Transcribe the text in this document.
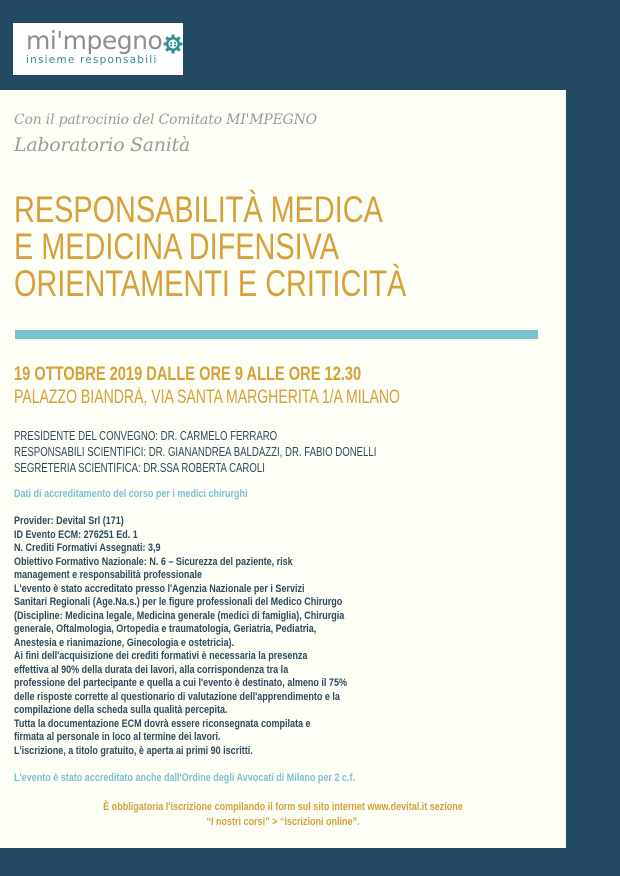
mi'mpegno
insieme responsabili
Con il patrocinio del Comitato MI'MPEGNO
Laboratorio Sanità
RESPONSABILITÀ MEDICA
E MEDICINA DIFENSIVA
ORIENTAMENTI E CRITICITÀ
19 OTTOBRE 2019 DALLE ORE 9 ALLE ORE 12.30
PALAZZO BIANDRÀ, VIA SANTA MARGHERITA 1/A MILANO
PRESIDENTE DEL CONVEGNO: DR. CARMELO FERRARO
RESPONSABILI SCIENTIFICI: DR. GIANANDREA BALDAZZI, DR. FABIO DONELLI
SEGRETERIA SCIENTIFICA: DR.SSA ROBERTA CAROLI
Dati di accreditamento del corso per i medici chirurghi
Provider: Devital Srl (171)
ID Evento ECM: 276251 Ed. 1
N. Crediti Formativi Assegnati: 3,9
Obiettivo Formativo Nazionale: N. 6 – Sicurezza del paziente, risk
management e responsabilità professionale
L'evento è stato accreditato presso l'Agenzia Nazionale per i Servizi
Sanitari Regionali (Age.Na.s.) per le figure professionali del Medico Chirurgo
(Discipline: Medicina legale, Medicina generale (medici di famiglia), Chirurgia
generale, Oftalmologia, Ortopedia e traumatologia, Geriatria, Pediatria,
Anestesia e rianimazione, Ginecologia e ostetricia).
Ai fini dell'acquisizione dei crediti formativi è necessaria la presenza
effettiva al 90% della durata dei lavori, alla corrispondenza tra la
professione del partecipante e quella a cui l'evento è destinato, almeno il 75%
delle risposte corrette al questionario di valutazione dell'apprendimento e la
compilazione della scheda sulla qualità percepita.
Tutta la documentazione ECM dovrà essere riconsegnata compilata e
firmata al personale in loco al termine dei lavori.
L'iscrizione, a titolo gratuito, è aperta ai primi 90 iscritti.
L'evento è stato accreditato anche dall'Ordine degli Avvocati di Milano per 2 c.f.
È obbligatoria l'iscrizione compilando il form sul sito internet www.devital.it sezione
“I nostri corsi” > “Iscrizioni online”.
